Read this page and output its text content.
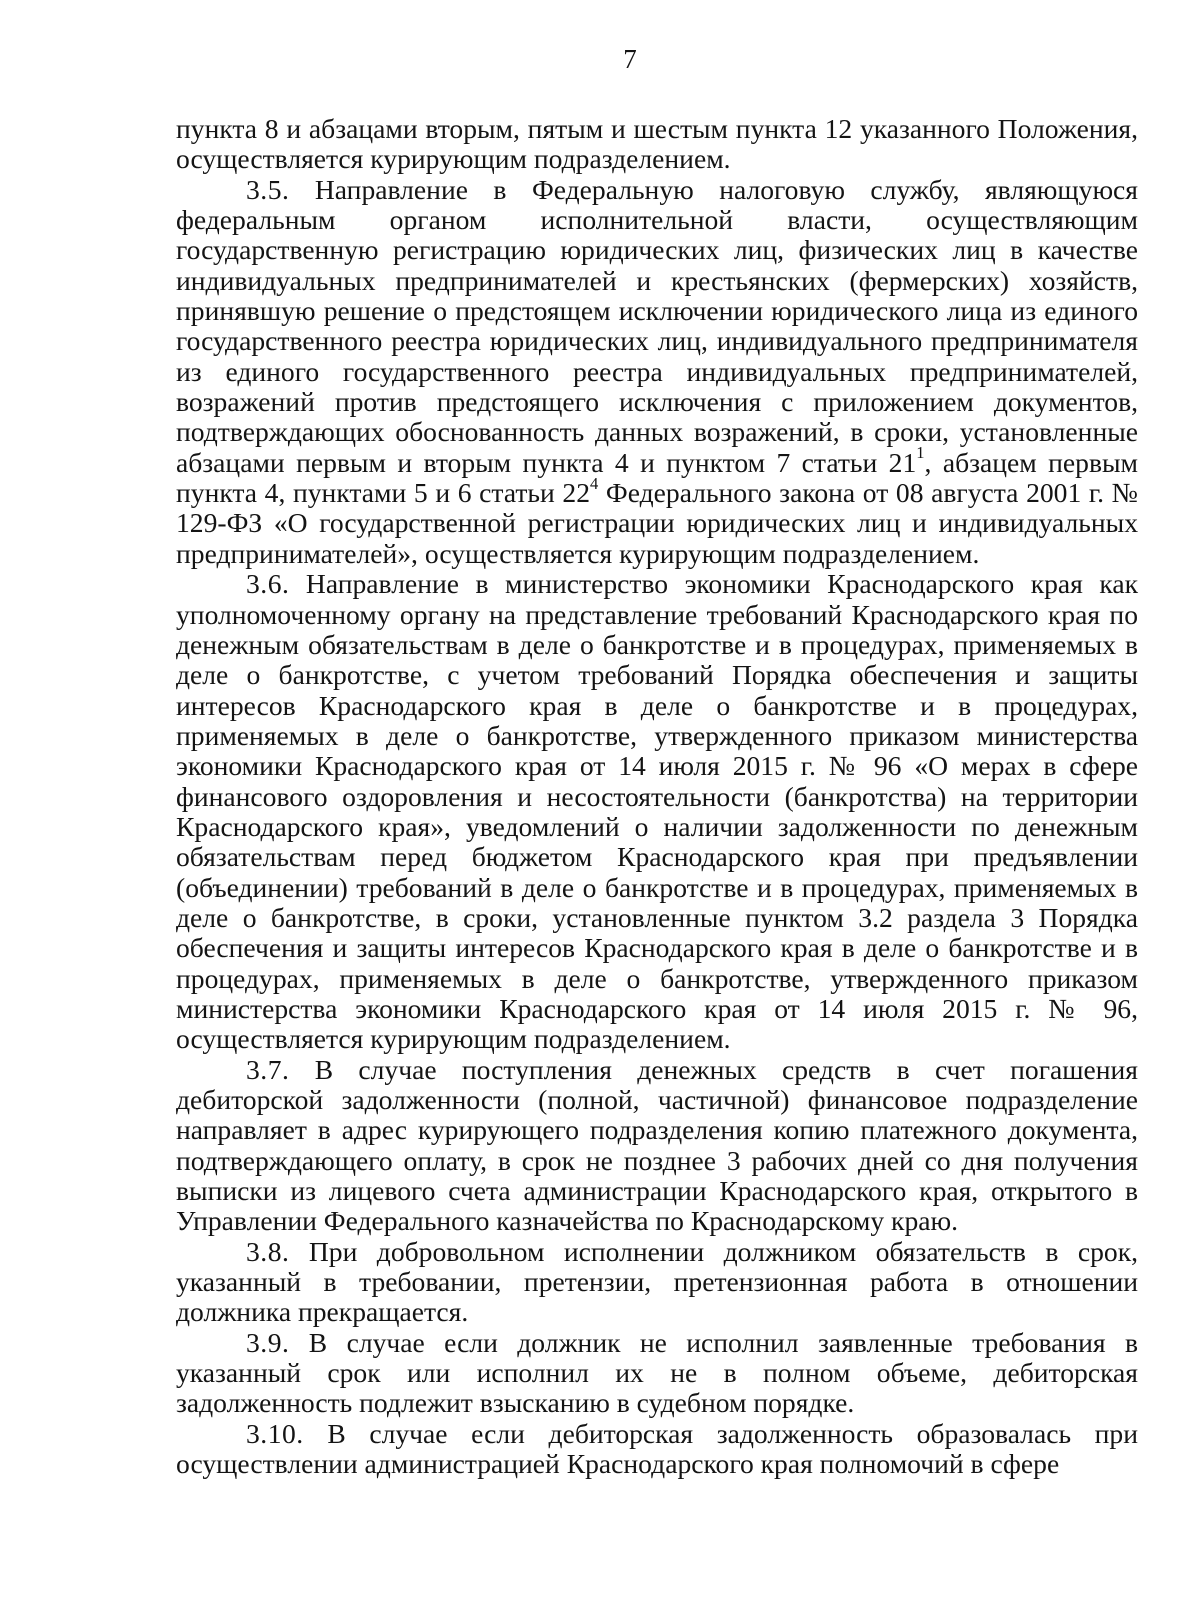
7

пункта 8 и абзацами вторым, пятым и шестым пункта 12 указанного Положения, осуществляется курирующим подразделением.

3.5. Направление в Федеральную налоговую службу, являющуюся федеральным органом исполнительной власти, осуществляющим государственную регистрацию юридических лиц, физических лиц в качестве индивидуальных предпринимателей и крестьянских (фермерских) хозяйств, принявшую решение о предстоящем исключении юридического лица из единого государственного реестра юридических лиц, индивидуального предпринимателя из единого государственного реестра индивидуальных предпринимателей, возражений против предстоящего исключения с приложением документов, подтверждающих обоснованность данных возражений, в сроки, установленные абзацами первым и вторым пункта 4 и пунктом 7 статьи $21^1$, абзацем первым пункта 4, пунктами 5 и 6 статьи $22^4$ Федерального закона от 08 августа 2001 г. № 129-ФЗ «О государственной регистрации юридических лиц и индивидуальных предпринимателей», осуществляется курирующим подразделением.

3.6. Направление в министерство экономики Краснодарского края как уполномоченному органу на представление требований Краснодарского края по денежным обязательствам в деле о банкротстве и в процедурах, применяемых в деле о банкротстве, с учетом требований Порядка обеспечения и защиты интересов Краснодарского края в деле о банкротстве и в процедурах, применяемых в деле о банкротстве, утвержденного приказом министерства экономики Краснодарского края от 14 июля 2015 г. № 96 «О мерах в сфере финансового оздоровления и несостоятельности (банкротства) на территории Краснодарского края», уведомлений о наличии задолженности по денежным обязательствам перед бюджетом Краснодарского края при предъявлении (объединении) требований в деле о банкротстве и в процедурах, применяемых в деле о банкротстве, в сроки, установленные пунктом 3.2 раздела 3 Порядка обеспечения и защиты интересов Краснодарского края в деле о банкротстве и в процедурах, применяемых в деле о банкротстве, утвержденного приказом министерства экономики Краснодарского края от 14 июля 2015 г. № 96, осуществляется курирующим подразделением.

3.7. В случае поступления денежных средств в счет погашения дебиторской задолженности (полной, частичной) финансовое подразделение направляет в адрес курирующего подразделения копию платежного документа, подтверждающего оплату, в срок не позднее 3 рабочих дней со дня получения выписки из лицевого счета администрации Краснодарского края, открытого в Управлении Федерального казначейства по Краснодарскому краю.

3.8. При добровольном исполнении должником обязательств в срок, указанный в требовании, претензии, претензионная работа в отношении должника прекращается.

3.9. В случае если должник не исполнил заявленные требования в указанный срок или исполнил их не в полном объеме, дебиторская задолженность подлежит взысканию в судебном порядке.

3.10. В случае если дебиторская задолженность образовалась при осуществлении администрацией Краснодарского края полномочий в сфере
